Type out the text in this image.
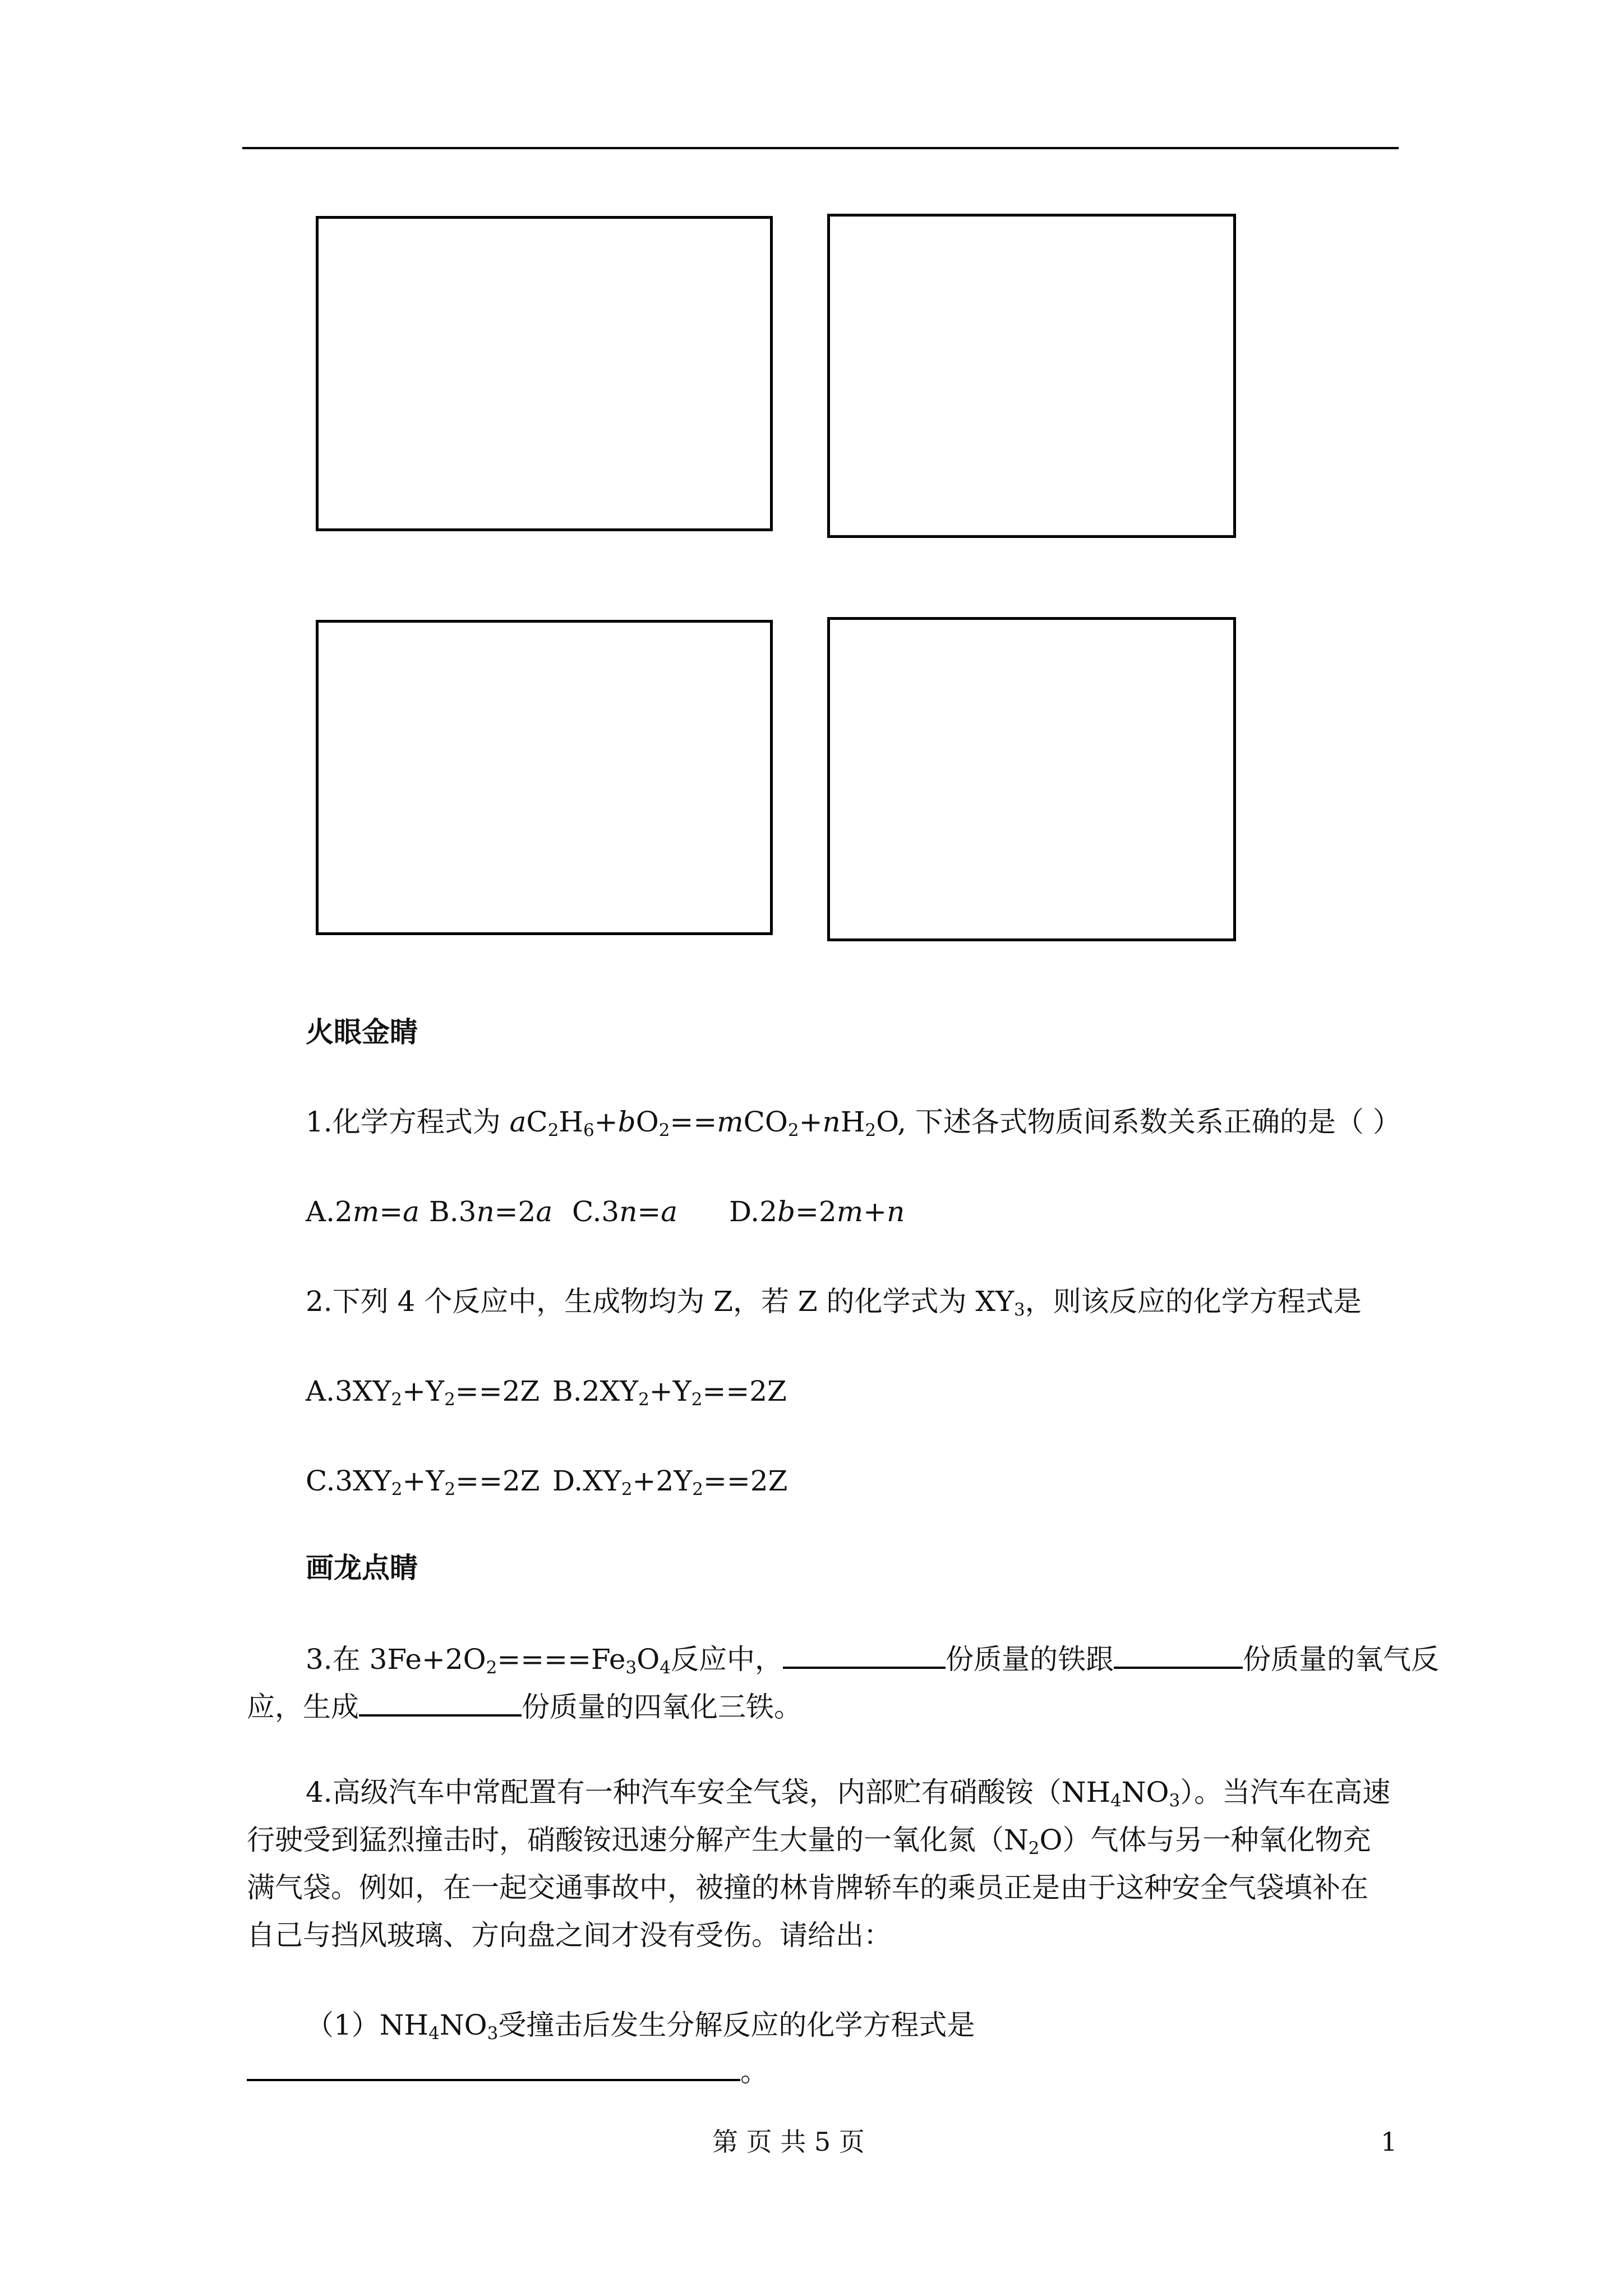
火眼金睛
1.化学方程式为 $aC_2H_6+bO_2==mCO_2+nH_2O$, 下述各式物质间系数关系正确的是（ ）
A.2m=a B.3n=2a C.3n=a D.2b=2m+n
2.下列 4 个反应中，生成物均为 Z，若 Z 的化学式为 $XY_3$，则该反应的化学方程式是
$A.3XY_2+Y_2==2Z$ $B.2XY_2+Y_2==2Z$
$C.3XY_2+Y_2==2Z$ $D.XY_2+2Y_2==2Z$
画龙点睛
3.在 $3Fe+2O_2====Fe_3O_4$反应中，	份质量的铁跟	份质量的氧气反
应，生成	份质量的四氧化三铁。
4.高级汽车中常配置有一种汽车安全气袋，内部贮有硝酸铵$(NH_4NO_3)$。当汽车在高速
行驶受到猛烈撞击时，硝酸铵迅速分解产生大量的一氧化氮$(N_2O)$气体与另一种氧化物充
满气袋。例如，在一起交通事故中，被撞的林肯牌轿车的乘员正是由于这种安全气袋填补在
自己与挡风玻璃、方向盘之间才没有受伤。请给出：
$(1)NH_4NO_3$受撞击后发生分解反应的化学方程式是
。
第 页 共 5 页	1
